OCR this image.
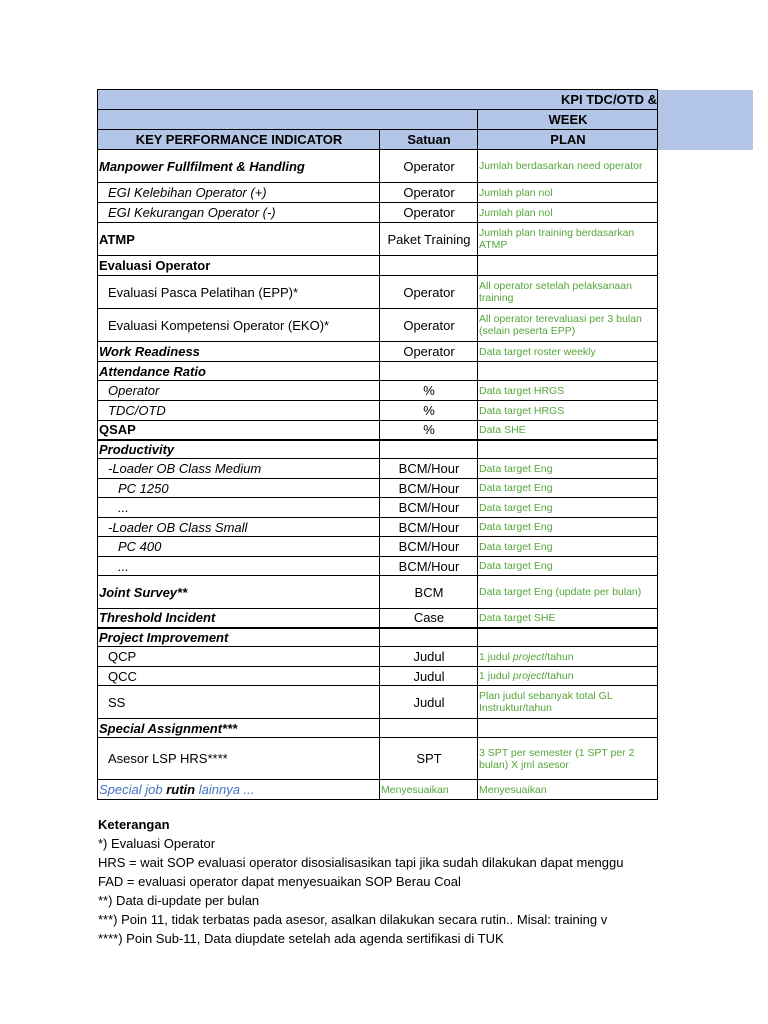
KPI TDC/OTD &		
		WEEK
KEY PERFORMANCE INDICATOR	Satuan	PLAN
Manpower Fullfilment & Handling	Operator	Jumlah berdasarkan need operator
EGI Kelebihan Operator (+)	Operator	Jumlah plan nol
EGI Kekurangan Operator (-)	Operator	Jumlah plan nol
ATMP	Paket Training	Jumlah plan training berdasarkan ATMP
Evaluasi Operator		
Evaluasi Pasca Pelatihan (EPP)*	Operator	All operator setelah pelaksanaan training
Evaluasi Kompetensi Operator (EKO)*	Operator	All operator terevaluasi per 3 bulan (selain peserta EPP)
Work Readiness	Operator	Data target roster weekly
Attendance Ratio		
Operator	%	Data target HRGS
TDC/OTD	%	Data target HRGS
QSAP	%	Data SHE
Productivity		
-Loader OB Class Medium	BCM/Hour	Data target Eng
PC 1250	BCM/Hour	Data target Eng
...	BCM/Hour	Data target Eng
-Loader OB Class Small	BCM/Hour	Data target Eng
PC 400	BCM/Hour	Data target Eng
...	BCM/Hour	Data target Eng
Joint Survey**	BCM	Data target Eng (update per bulan)
Threshold Incident	Case	Data target SHE
Project Improvement		
QCP	Judul	1 judul project/tahun
QCC	Judul	1 judul project/tahun
SS	Judul	Plan judul sebanyak total GL Instruktur/tahun
Special Assignment***		
Asesor LSP HRS****	SPT	3 SPT per semester (1 SPT per 2 bulan) X jml asesor
Special job rutin lainnya ...	Menyesuaikan	Menyesuaikan
Keterangan
*) Evaluasi Operator
HRS = wait SOP evaluasi operator disosialisasikan tapi jika sudah dilakukan dapat menggu
FAD = evaluasi operator dapat menyesuaikan SOP Berau Coal
**) Data di-update per bulan
***) Poin 11, tidak terbatas pada asesor, asalkan dilakukan secara rutin.. Misal: training v
****) Poin Sub-11, Data diupdate setelah ada agenda sertifikasi di TUK
